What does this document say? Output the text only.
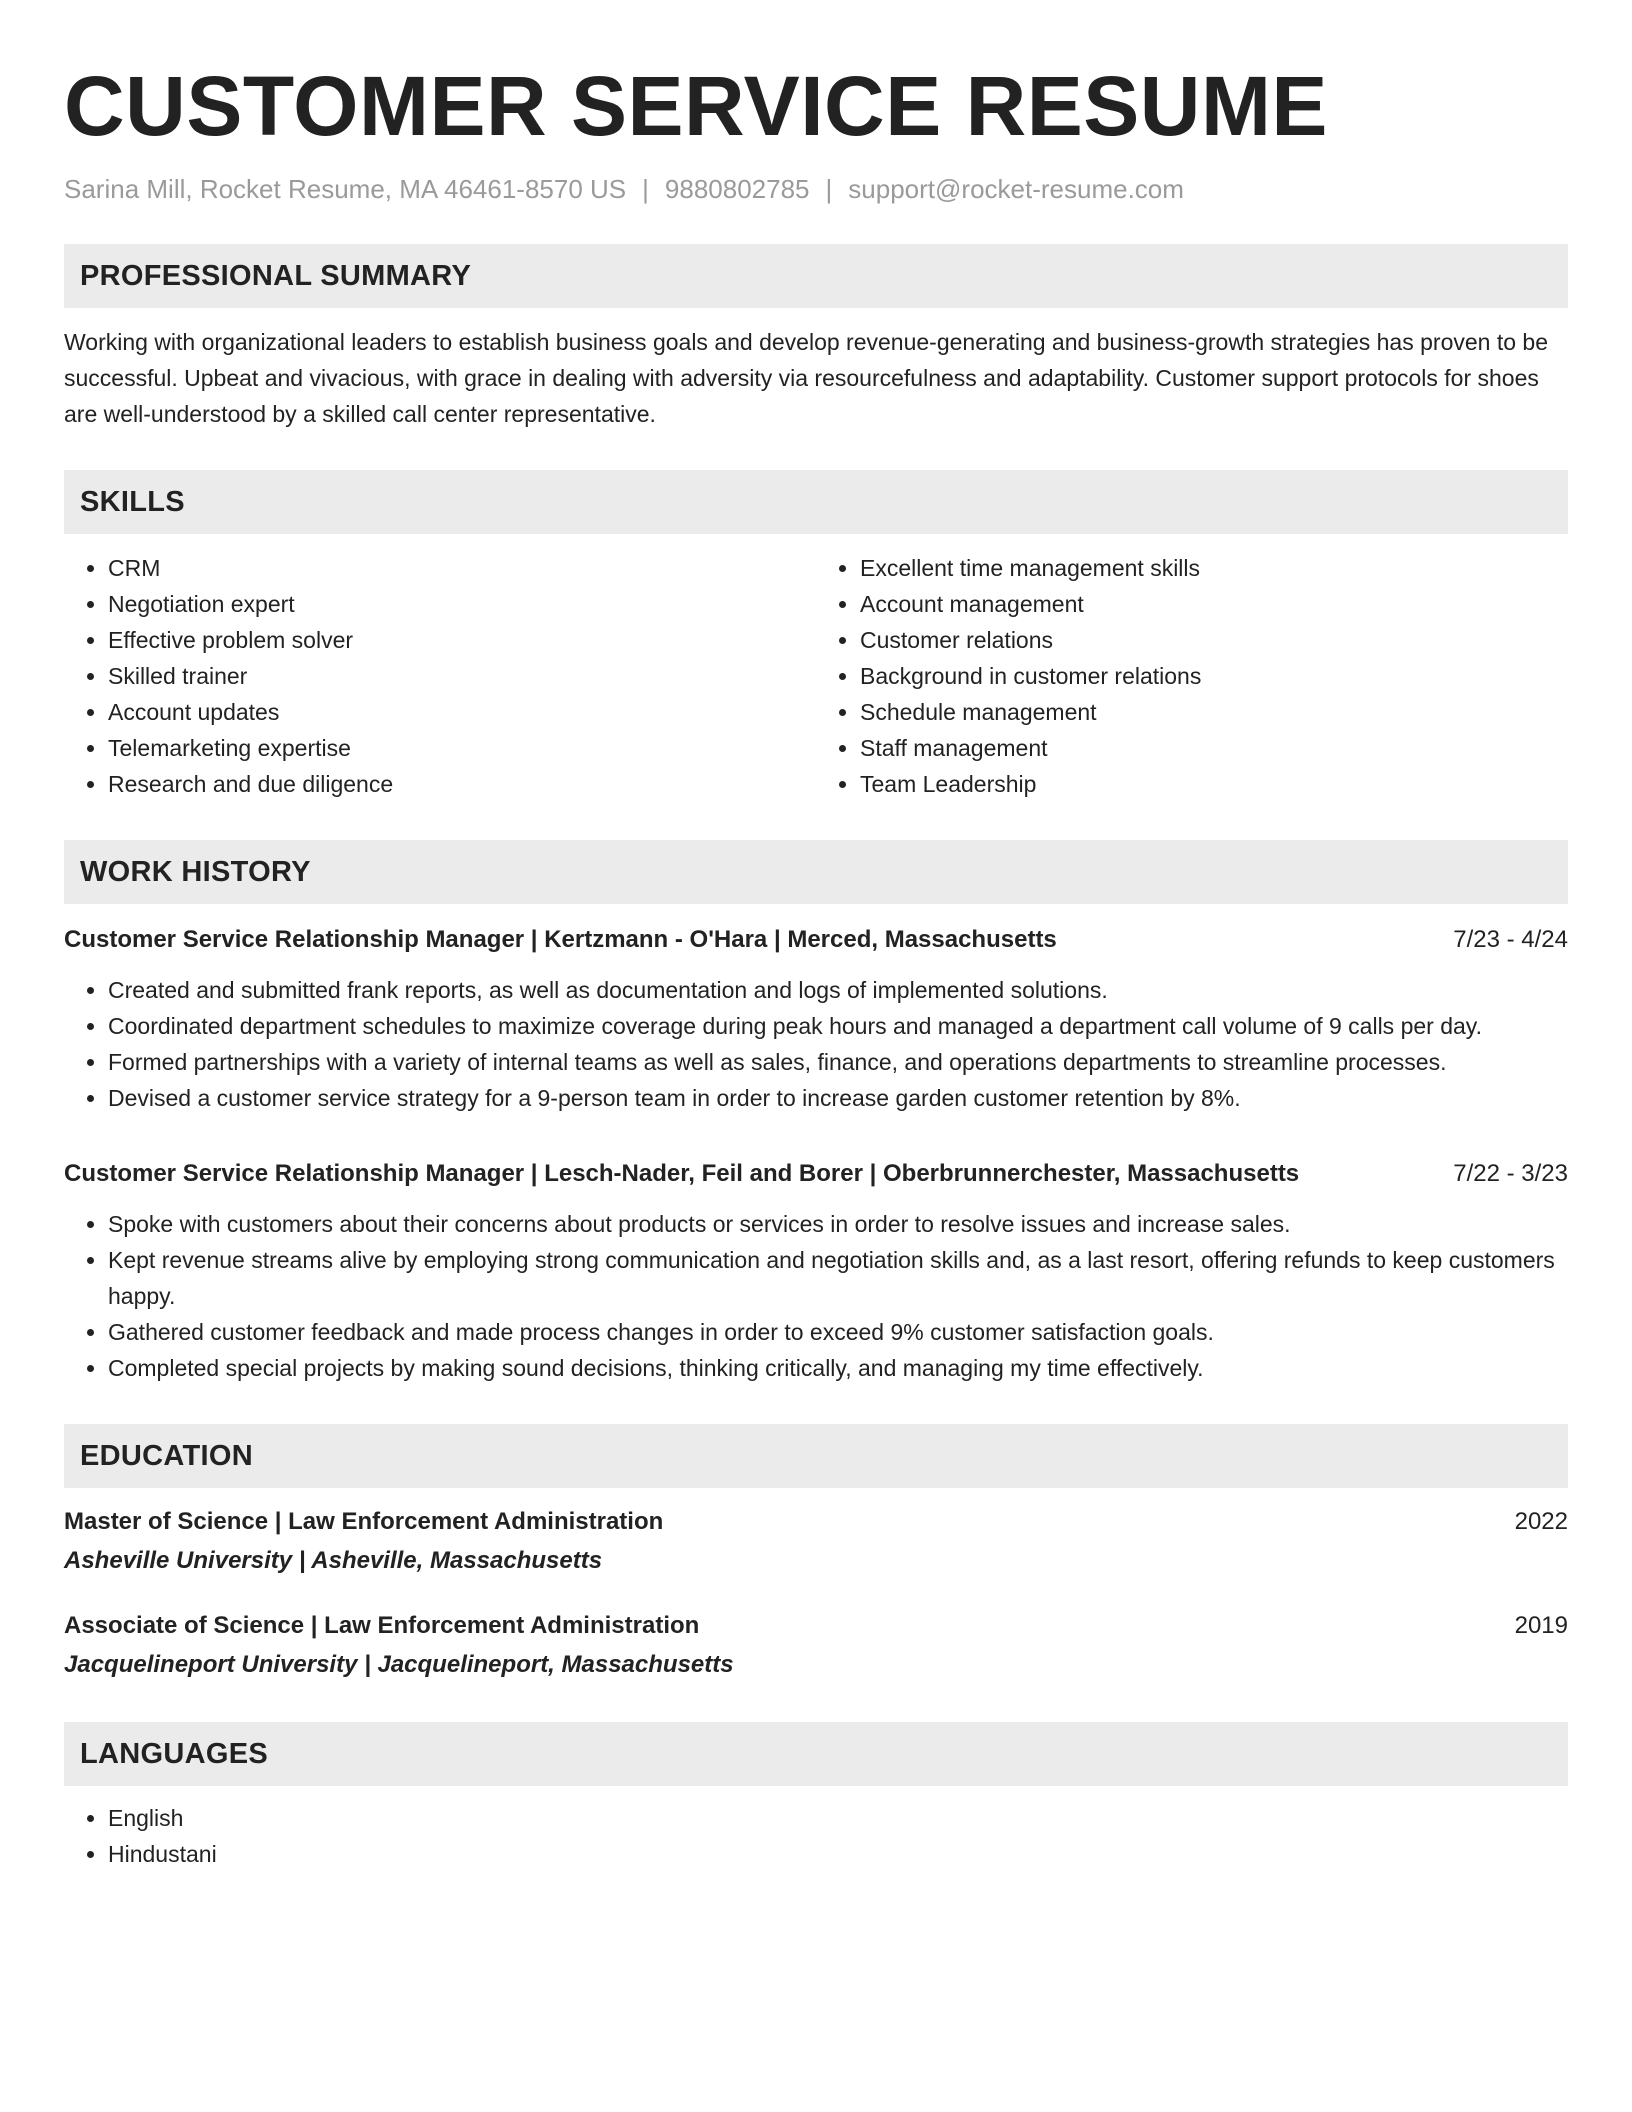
CUSTOMER SERVICE RESUME
Sarina Mill, Rocket Resume, MA 46461-8570 US | 9880802785 | support@rocket-resume.com
PROFESSIONAL SUMMARY

Working with organizational leaders to establish business goals and develop revenue-generating and business-growth strategies has proven to be successful. Upbeat and vivacious, with grace in dealing with adversity via resourcefulness and adaptability. Customer support protocols for shoes are well-understood by a skilled call center representative.

SKILLS
• CRM
• Negotiation expert
• Effective problem solver
• Skilled trainer
• Account updates
• Telemarketing expertise
• Research and due diligence
• Excellent time management skills
• Account management
• Customer relations
• Background in customer relations
• Schedule management
• Staff management
• Team Leadership
WORK HISTORY
Customer Service Relationship Manager | Kertzmann - O'Hara | Merced, Massachusetts	7/23 - 4/24
• Created and submitted frank reports, as well as documentation and logs of implemented solutions.
• Coordinated department schedules to maximize coverage during peak hours and managed a department call volume of 9 calls per day.
• Formed partnerships with a variety of internal teams as well as sales, finance, and operations departments to streamline processes.
• Devised a customer service strategy for a 9-person team in order to increase garden customer retention by 8%.
Customer Service Relationship Manager | Lesch-Nader, Feil and Borer | Oberbrunnerchester, Massachusetts	7/22 - 3/23
• Spoke with customers about their concerns about products or services in order to resolve issues and increase sales.
• Kept revenue streams alive by employing strong communication and negotiation skills and, as a last resort, offering refunds to keep customers happy.
• Gathered customer feedback and made process changes in order to exceed 9% customer satisfaction goals.
• Completed special projects by making sound decisions, thinking critically, and managing my time effectively.
EDUCATION
Master of Science | Law Enforcement Administration	2022
Asheville University | Asheville, Massachusetts
Associate of Science | Law Enforcement Administration	2019
Jacquelineport University | Jacquelineport, Massachusetts
LANGUAGES
• English
• Hindustani
